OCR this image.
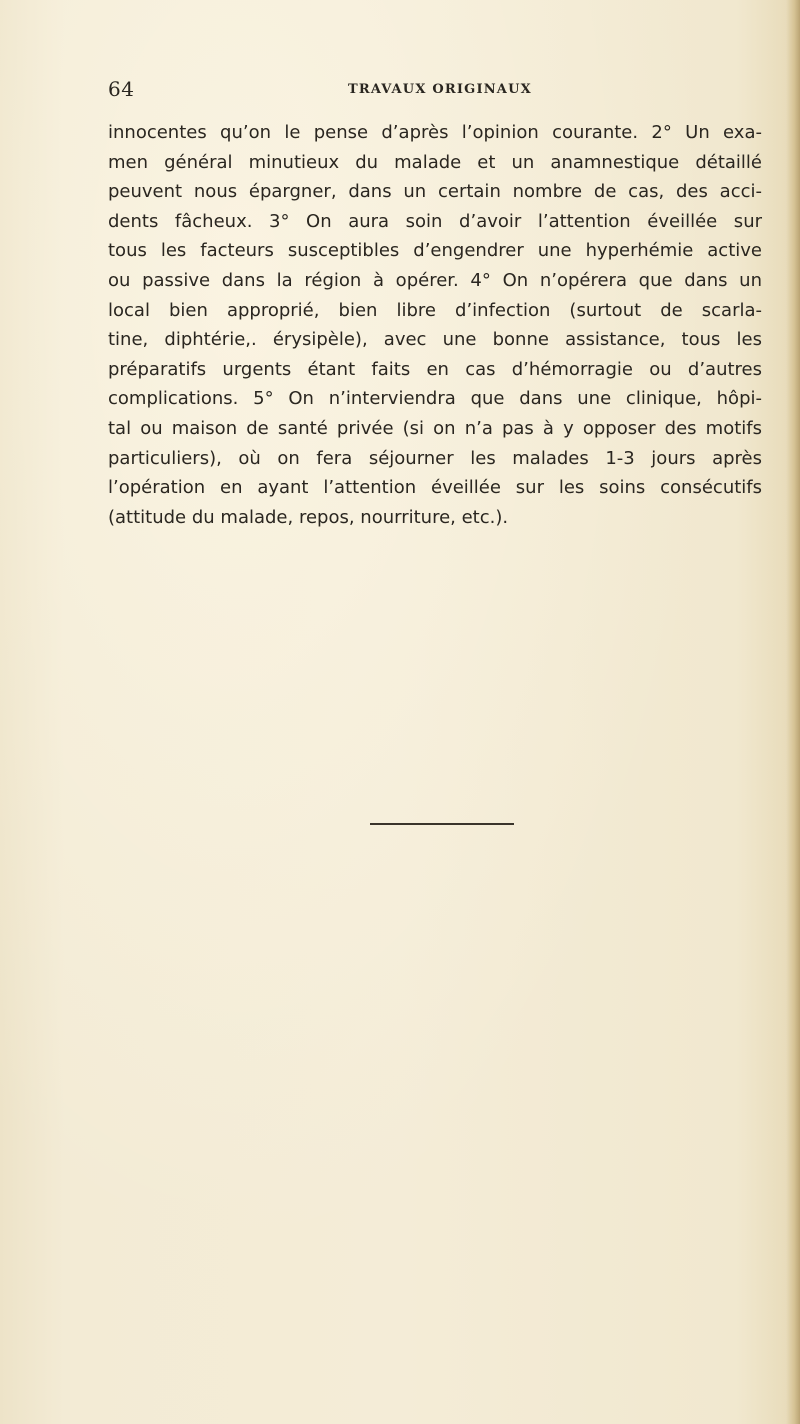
64	TRAVAUX ORIGINAUX

innocentes qu’on le pense d’après l’opinion courante. 2° Un exa-
men général minutieux du malade et un anamnestique détaillé
peuvent nous épargner, dans un certain nombre de cas, des acci-
dents fâcheux. 3° On aura soin d’avoir l’attention éveillée sur
tous les facteurs susceptibles d’engendrer une hyperhémie active
ou passive dans la région à opérer. 4° On n’opérera que dans un
local bien approprié, bien libre d’infection (surtout de scarla-
tine, diphtérie,. érysipèle), avec une bonne assistance, tous les
préparatifs urgents étant faits en cas d’hémorragie ou d’autres
complications. 5° On n’interviendra que dans une clinique, hôpi-
tal ou maison de santé privée (si on n’a pas à y opposer des motifs
particuliers), où on fera séjourner les malades 1-3 jours après
l’opération en ayant l’attention éveillée sur les soins consécutifs
(attitude du malade, repos, nourriture, etc.).
